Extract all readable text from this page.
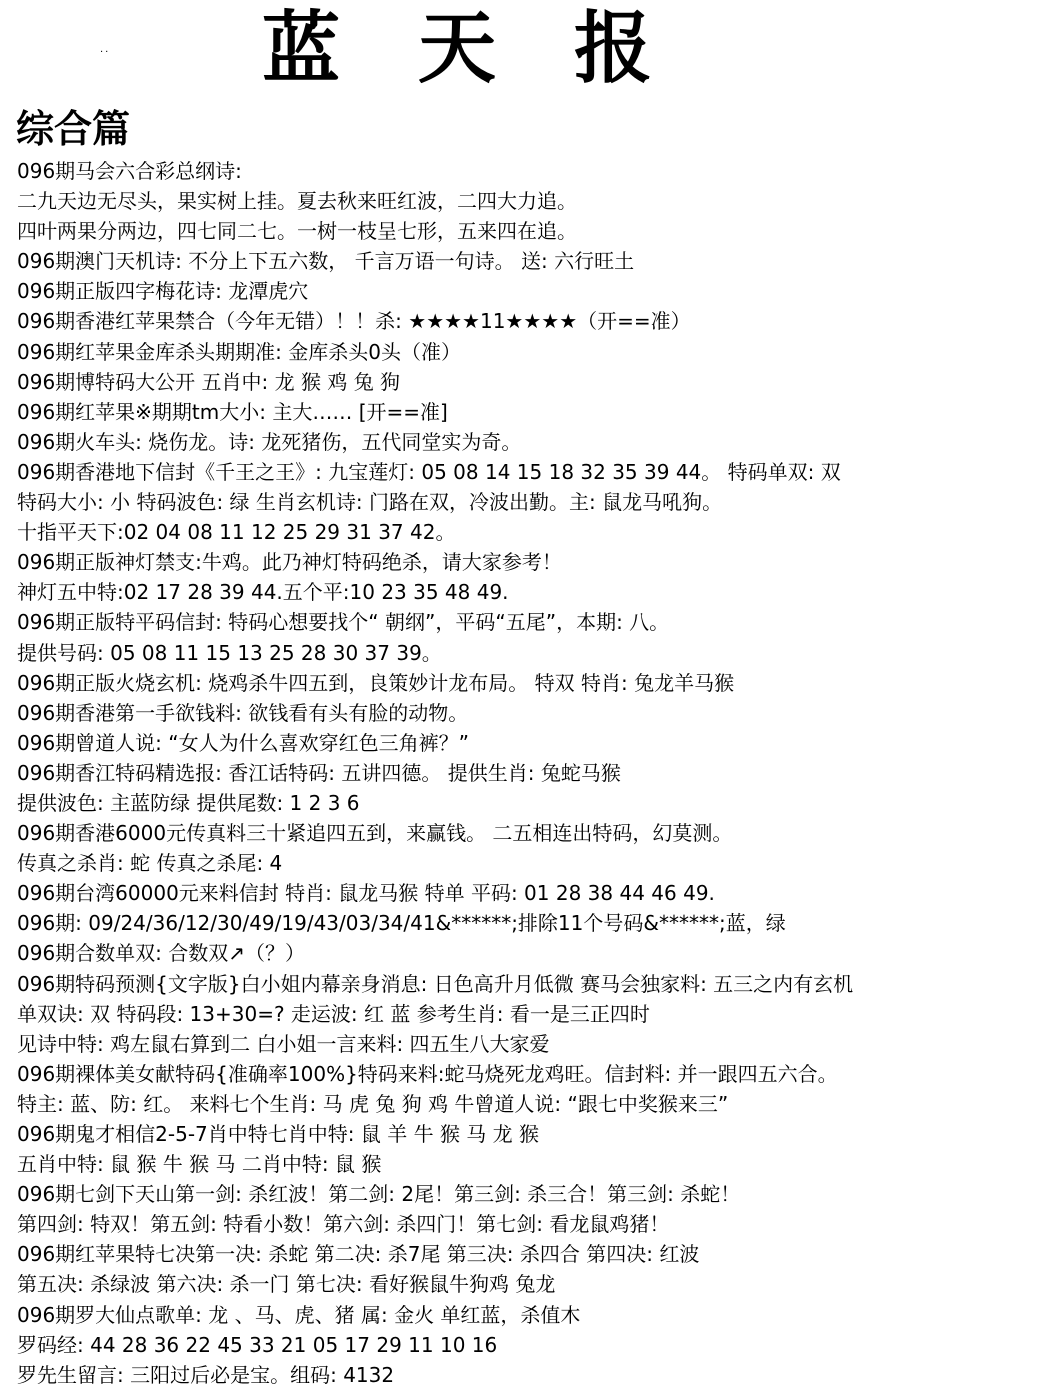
.. 蓝天报
综合篇
096期马会六合彩总纲诗:
二九天边无尽头，果实树上挂。夏去秋来旺红波，二四大力追。
四叶两果分两边，四七同二七。一树一枝呈七形，五来四在追。
096期澳门天机诗: 不分上下五六数， 千言万语一句诗。 送: 六行旺土
096期正版四字梅花诗: 龙潭虎穴
096期香港红苹果禁合（今年无错）！！杀: ★★★★11★★★★（开==准）
096期红苹果金库杀头期期准: 金库杀头0头（准）
096期博特码大公开 五肖中: 龙 猴 鸡 兔 狗
096期红苹果※期期tm大小: 主大…… [开==准]
096期火车头: 烧伤龙。诗: 龙死猪伤，五代同堂实为奇。
096期香港地下信封《千王之王》: 九宝莲灯: 05 08 14 15 18 32 35 39 44。 特码单双: 双
特码大小: 小 特码波色: 绿 生肖玄机诗: 门路在双，冷波出勤。主: 鼠龙马吼狗。
十指平天下:02 04 08 11 12 25 29 31 37 42。
096期正版神灯禁支:牛鸡。此乃神灯特码绝杀，请大家参考！
神灯五中特:02 17 28 39 44.五个平:10 23 35 48 49.
096期正版特平码信封: 特码心想要找个“ 朝纲”，平码“五尾”，本期: 八。
提供号码: 05 08 11 15 13 25 28 30 37 39。
096期正版火烧玄机: 烧鸡杀牛四五到，良策妙计龙布局。 特双 特肖: 兔龙羊马猴
096期香港第一手欲钱料: 欲钱看有头有脸的动物。
096期曾道人说: “女人为什么喜欢穿红色三角裤？”
096期香江特码精选报: 香江话特码: 五讲四德。 提供生肖: 兔蛇马猴
提供波色: 主蓝防绿 提供尾数: 1 2 3 6
096期香港6000元传真料三十紧追四五到，来赢钱。 二五相连出特码，幻莫测。
传真之杀肖: 蛇 传真之杀尾: 4
096期台湾60000元来料信封 特肖: 鼠龙马猴 特单 平码: 01 28 38 44 46 49.
096期: 09/24/36/12/30/49/19/43/03/34/41&******;排除11个号码&******;蓝，绿
096期合数单双: 合数双↗（？）
096期特码预测{文字版}白小姐内幕亲身消息: 日色高升月低微 赛马会独家料: 五三之内有玄机
单双诀: 双 特码段: 13+30=? 走运波: 红 蓝 参考生肖: 看一是三正四时
见诗中特: 鸡左鼠右算到二 白小姐一言来料: 四五生八大家爱
096期裸体美女献特码{准确率100%}特码来料:蛇马烧死龙鸡旺。信封料: 并一跟四五六合。
特主: 蓝、防: 红。 来料七个生肖: 马 虎 兔 狗 鸡 牛曾道人说: “跟七中奖猴来三”
096期鬼才相信2-5-7肖中特七肖中特: 鼠 羊 牛 猴 马 龙 猴
五肖中特: 鼠 猴 牛 猴 马 二肖中特: 鼠 猴
096期七剑下天山第一剑: 杀红波！第二剑: 2尾！第三剑: 杀三合！第三剑: 杀蛇！
第四剑: 特双！第五剑: 特看小数！第六剑: 杀四门！第七剑: 看龙鼠鸡猪！
096期红苹果特七决第一决: 杀蛇 第二决: 杀7尾 第三决: 杀四合 第四决: 红波
第五决: 杀绿波 第六决: 杀一门 第七决: 看好猴鼠牛狗鸡 兔龙
096期罗大仙点歌单: 龙 、马、虎、猪 属: 金火 单红蓝，杀值木
罗码经: 44 28 36 22 45 33 21 05 17 29 11 10 16
罗先生留言: 三阳过后必是宝。组码: 4132
